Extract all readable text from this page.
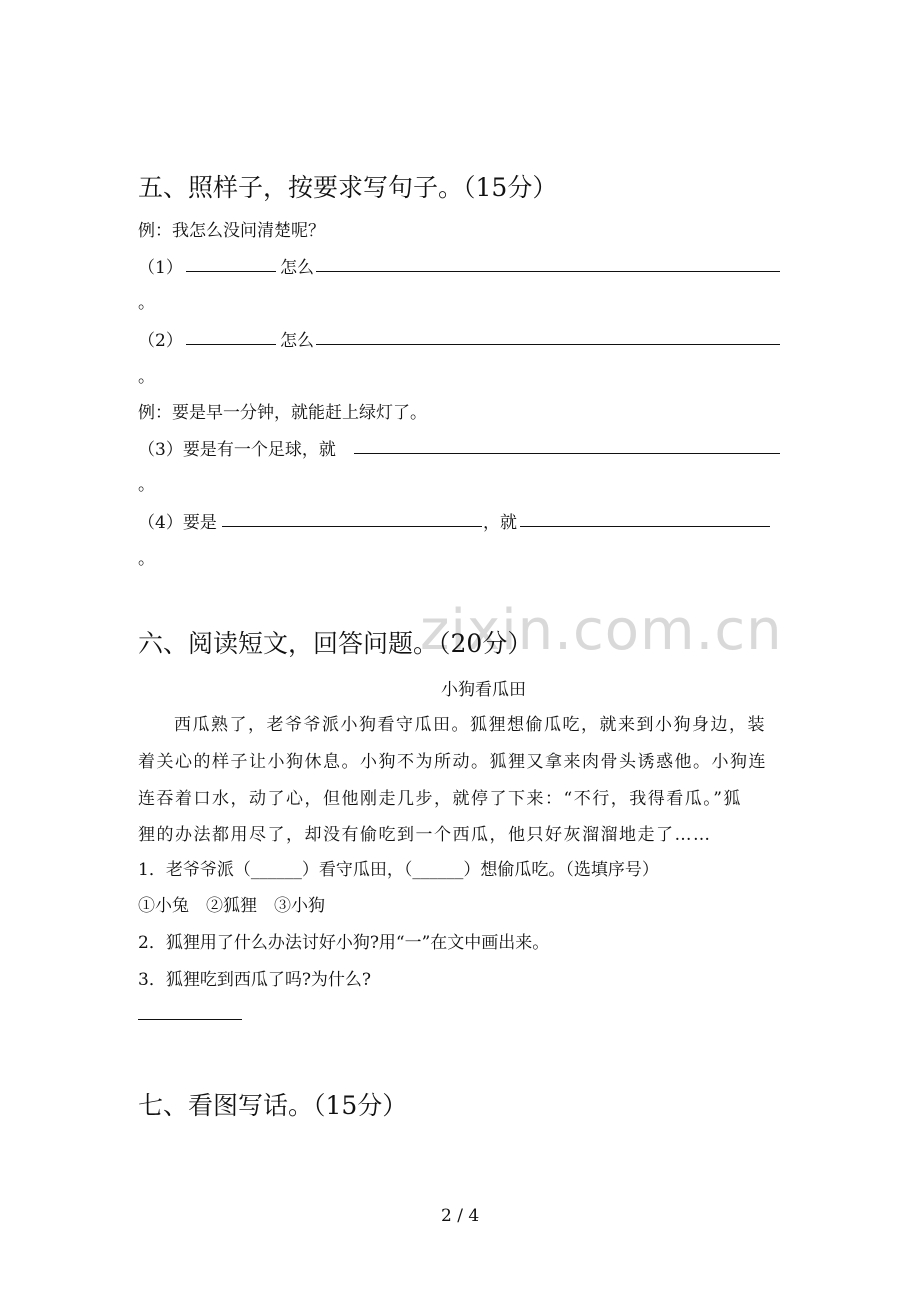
zixin.com.cn
五、照样子，按要求写句子。（15分）
例：我怎么没问清楚呢？
（1）	怎么
。
（2）	怎么
。
例：要是早一分钟，就能赶上绿灯了。
（3）要是有一个足球，就
。
（4）要是	，就
。
六、阅读短文，回答问题。（20分）
小狗看瓜田
西瓜熟了，老爷爷派小狗看守瓜田。狐狸想偷瓜吃，就来到小狗身边，装
着关心的样子让小狗休息。小狗不为所动。狐狸又拿来肉骨头诱惑他。小狗连
连吞着口水，动了心，但他刚走几步，就停了下来：“不行，我得看瓜。”狐
狸的办法都用尽了，却没有偷吃到一个西瓜，他只好灰溜溜地走了……
1．老爷爷派（______）看守瓜田，（______）想偷瓜吃。（选填序号）
①小兔　②狐狸　③小狗
2．狐狸用了什么办法讨好小狗?用“一”在文中画出来。
3．狐狸吃到西瓜了吗?为什么?
七、看图写话。（15分）
2 / 4
